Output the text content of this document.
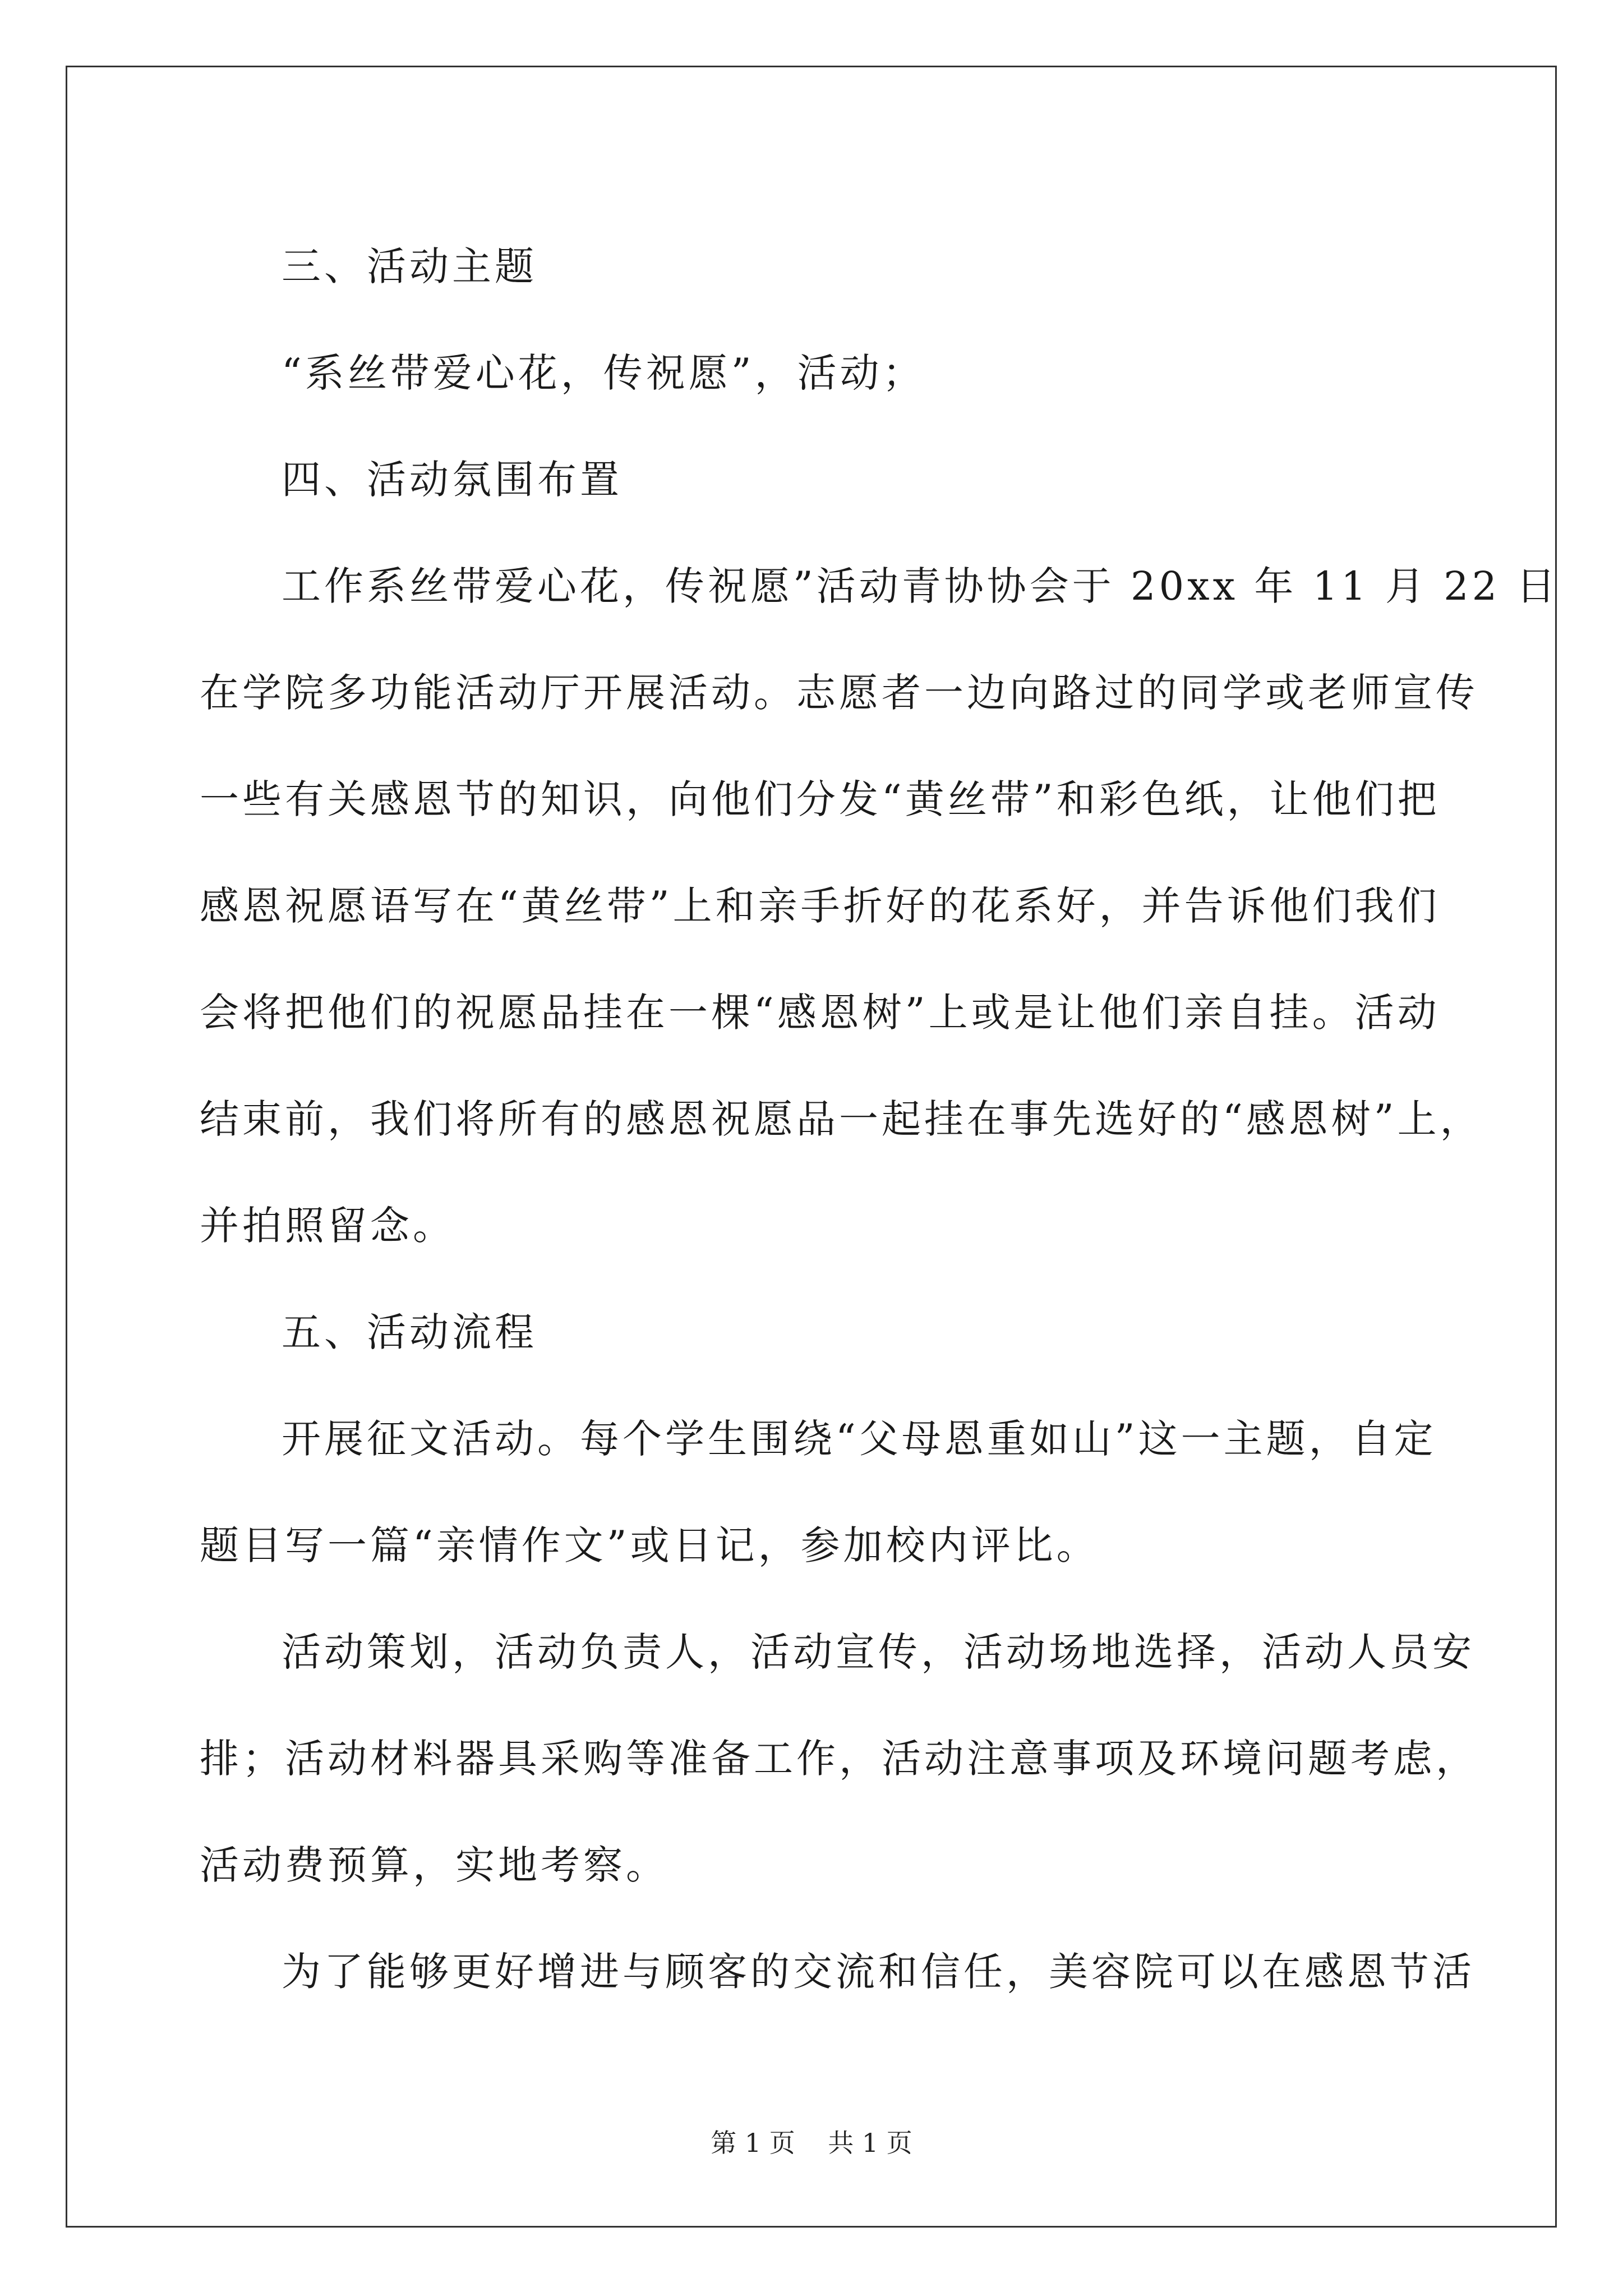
三、活动主题
“系丝带爱心花，传祝愿”，活动；
四、活动氛围布置
工作系丝带爱心花，传祝愿”活动青协协会于 20xx 年 11 月 22 日
在学院多功能活动厅开展活动。志愿者一边向路过的同学或老师宣传
一些有关感恩节的知识，向他们分发“黄丝带”和彩色纸，让他们把
感恩祝愿语写在“黄丝带”上和亲手折好的花系好，并告诉他们我们
会将把他们的祝愿品挂在一棵“感恩树”上或是让他们亲自挂。活动
结束前，我们将所有的感恩祝愿品一起挂在事先选好的“感恩树”上，
并拍照留念。
五、活动流程
开展征文活动。每个学生围绕“父母恩重如山”这一主题，自定
题目写一篇“亲情作文”或日记，参加校内评比。
活动策划，活动负责人，活动宣传，活动场地选择，活动人员安
排；活动材料器具采购等准备工作，活动注意事项及环境问题考虑，
活动费预算，实地考察。
为了能够更好增进与顾客的交流和信任，美容院可以在感恩节活
第 1 页    共 1 页
